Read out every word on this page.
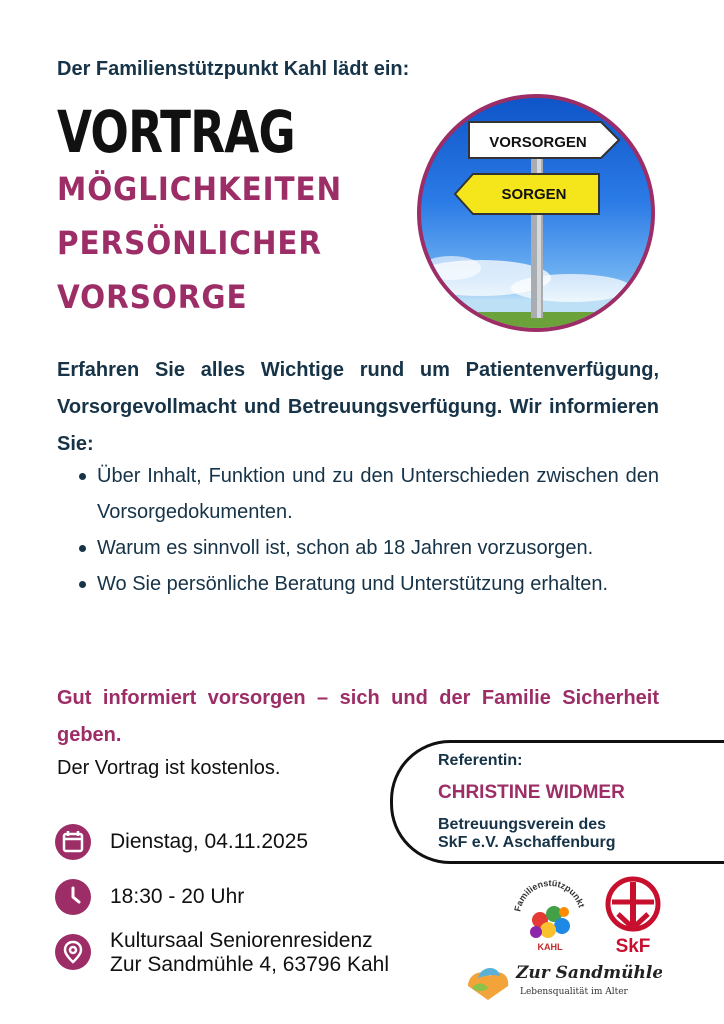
Der Familienstützpunkt Kahl lädt ein:
VORTRAG
MÖGLICHKEITEN
PERSÖNLICHER
VORSORGE
VORSORGEN
SORGEN
Erfahren Sie alles Wichtige rund um Patientenverfügung, Vorsorgevollmacht und Betreuungsverfügung. Wir informieren Sie:
Über Inhalt, Funktion und zu den Unterschieden zwischen den Vorsorgedokumenten.
Warum es sinnvoll ist, schon ab 18 Jahren vorzusorgen.
Wo Sie persönliche Beratung und Unterstützung erhalten.
Gut informiert vorsorgen – sich und der Familie Sicherheit geben.
Der Vortrag ist kostenlos.	Referentin:
CHRISTINE WIDMER
Betreuungsverein des
SkF e.V. Aschaffenburg
Dienstag, 04.11.2025
18:30 - 20 Uhr
Kultursaal Seniorenresidenz
Zur Sandmühle 4, 63796 Kahl
Familienstützpunkt
KAHL	SkF
Zur Sandmühle
Lebensqualität im Alter
